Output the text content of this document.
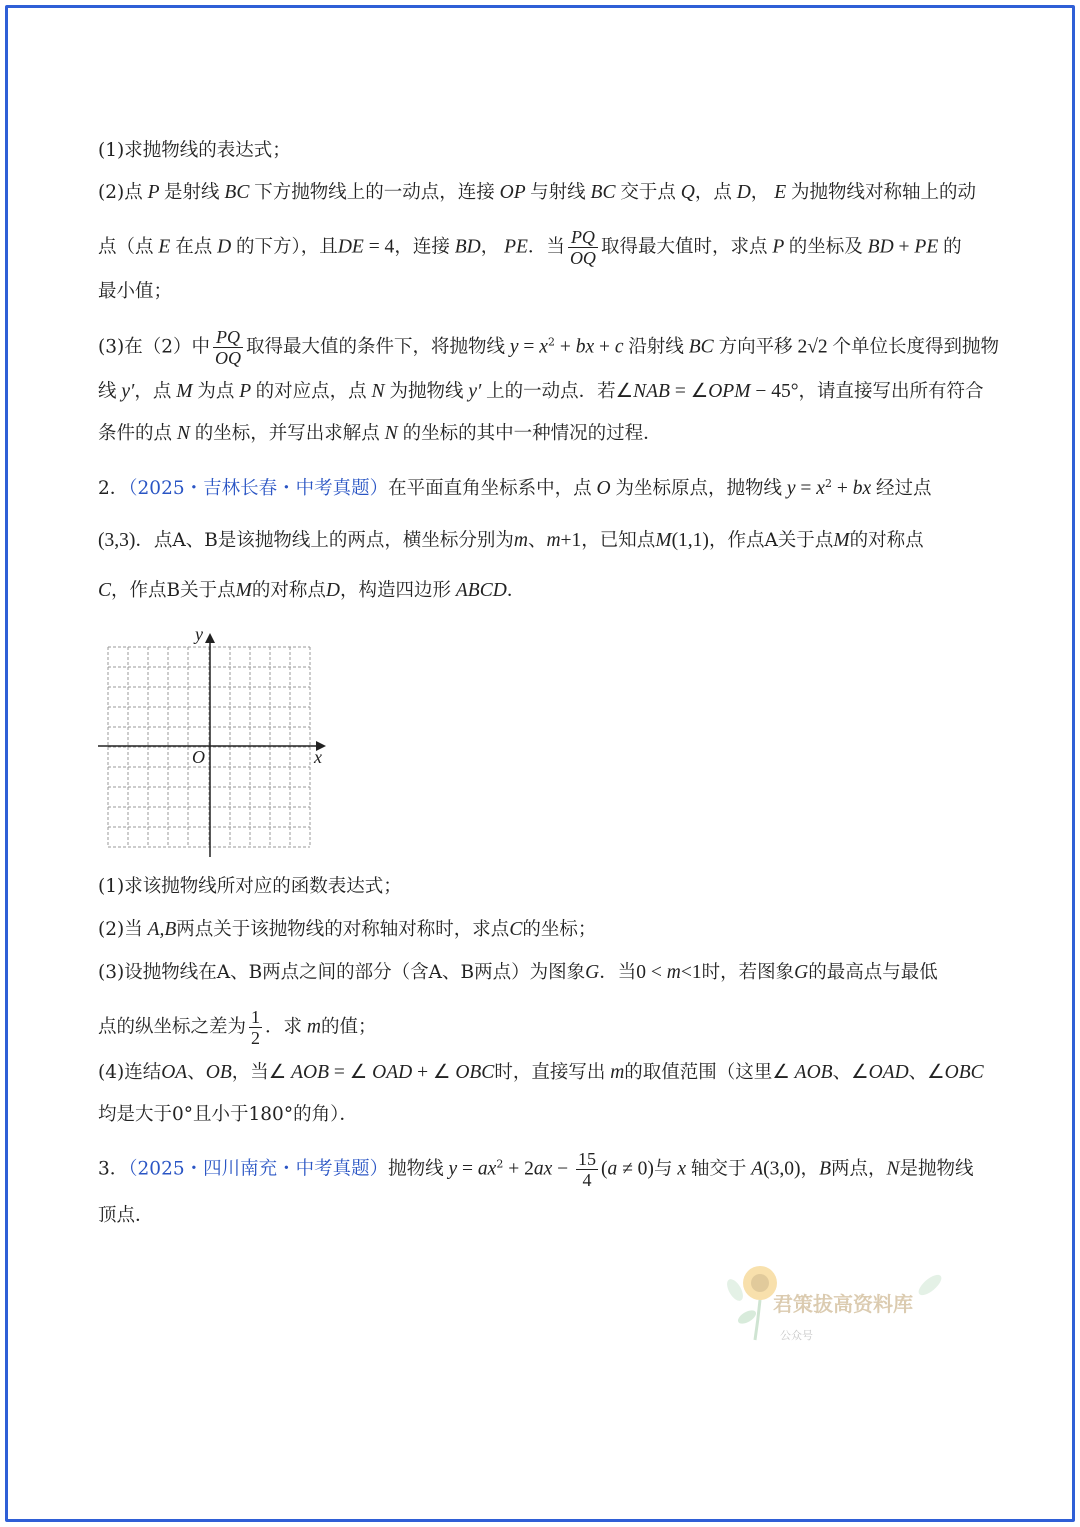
(1)求抛物线的表达式；
(2)点 P 是射线 BC 下方抛物线上的一动点，连接 OP 与射线 BC 交于点 Q，点 D， E 为抛物线对称轴上的动
点（点 E 在点 D 的下方），且DE = 4，连接 BD， PE．当 $\frac{PQ}{OQ}$ 取得最大值时，求点 P 的坐标及 BD + PE 的
最小值；
(3)在（2）中 $\frac{PQ}{OQ}$ 取得最大值的条件下，将抛物线 $y = x^2$ + bx + c 沿射线 BC 方向平移 2√2 个单位长度得到抛物
线 y′，点 M 为点 P 的对应点，点 N 为抛物线 y′ 上的一动点．若∠NAB = ∠OPM − 45°，请直接写出所有符合
条件的点 N 的坐标，并写出求解点 N 的坐标的其中一种情况的过程．
2．（2025・吉林长春・中考真题）在平面直角坐标系中，点 O 为坐标原点，抛物线 $y = x^2$ + bx 经过点
(3,3)．点A、B是该抛物线上的两点，横坐标分别为m、m+1，已知点M(1,1)，作点A关于点M的对称点
C，作点B关于点M的对称点D，构造四边形 ABCD．
(1)求该抛物线所对应的函数表达式；
(2)当 A,B两点关于该抛物线的对称轴对称时，求点C的坐标；
(3)设抛物线在A、B两点之间的部分（含A、B两点）为图象G．当0 < m<1时，若图象G的最高点与最低
点的纵坐标之差为 $\frac{1}{2}$ ．求 m的值；
(4)连结OA、OB，当∠ AOB = ∠ OAD + ∠ OBC时，直接写出 m的取值范围（这里∠ AOB、∠OAD、∠OBC
均是大于0°且小于180°的角）．
3．（2025・四川南充・中考真题）抛物线 $y = ax^2 + 2ax - \frac{15}{4} (a \ne 0)$与 x 轴交于 A(3,0)，B两点，N是抛物线
顶点．
y
x
O
君策拔高资料库
公众号
